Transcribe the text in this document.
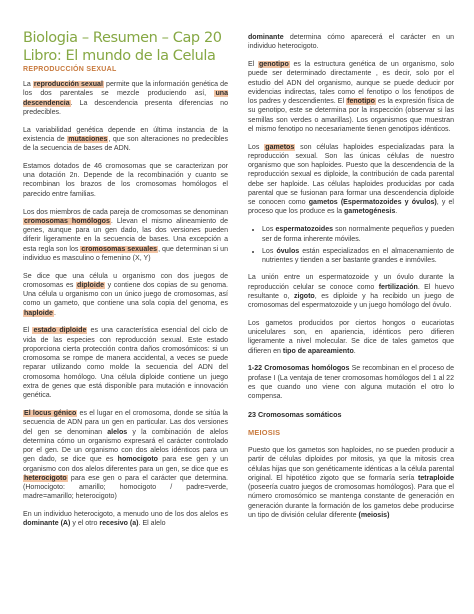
Biologia – Resumen – Cap 20
Libro: El mundo de la Celula
REPRODUCCIÓN SEXUAL

La reproducción sexual permite que la información genética de los dos parentales se mezcle produciendo así, una descendencia. La descendencia presenta diferencias no predecibles.

La variabilidad genética depende en última instancia de la existencia de mutaciones, que son alteraciones no predecibles de la secuencia de bases de ADN.

Estamos dotados de 46 cromosomas que se caracterizan por una dotación 2n. Depende de la recombinación y cuanto se recombinan los brazos de los cromosomas homólogos el parecido entre familias.

Los dos miembros de cada pareja de cromosomas se denominan cromosomas homólogos. Llevan el mismo alineamiento de genes, aunque para un gen dado, las dos versiones pueden diferir ligeramente en la secuencia de bases. Una excepción a esta regla son los cromosomas sexuales, que determinan si un individuo es masculino o femenino (X, Y)

Se dice que una célula u organismo con dos juegos de cromosomas es diploide y contiene dos copias de su genoma. Una célula u organismo con un único juego de cromosomas, así como un gameto, que contiene una sola copia del genoma, es haploide.

El estado diploide es una característica esencial del ciclo de vida de las especies con reproducción sexual. Este estado proporciona cierta protección contra daños cromosómicos: si un cromosoma se rompe de manera accidental, a veces se puede reparar utilizando como molde la secuencia del ADN del cromosoma homólogo. Una célula diploide contiene un juego extra de genes que está disponible para mutación e innovación genética.

El locus génico es el lugar en el cromosoma, donde se sitúa la secuencia de ADN para un gen en particular. Las dos versiones del gen se denominan alelos y la combinación de alelos determina cómo un organismo expresará el carácter controlado por el gen. De un organismo con dos alelos idénticos para un gen dado, se dice que es homocigoto para ese gen y un organismo con dos alelos diferentes para un gen, se dice que es heterocigoto para ese gen o para el carácter que determina. (Homocigoto: amarillo; homocigoto / padre=verde, madre=amarillo; heterocigoto)

En un individuo heterocigoto, a menudo uno de los dos alelos es dominante (A) y el otro recesivo (a). El alelo

dominante determina cómo aparecerá el carácter en un individuo heterocigoto.

El genotipo es la estructura genética de un organismo, solo puede ser determinado directamente , es decir, solo por el estudio del ADN del organismo, aunque se puede deducir por evidencias indirectas, tales como el fenotipo o los fenotipos de los padres y descendientes. El fenotipo es la expresión física de su genotipo, este se determina por la inspección (observar si las semillas son verdes o amarillas). Los organismos que muestran el mismo fenotipo no necesariamente tienen genotipos idénticos.

Los gametos son células haploides especializadas para la reproducción sexual. Son las únicas células de nuestro organismo que son haploides. Puesto que la descendencia de la reproducción sexual es diploide, la contribución de cada parental debe ser haploide. Las células haploides producidas por cada parental que se fusionan para formar una descendencia diploide se conocen como gametos (Espermatozoides y óvulos), y el proceso que los produce es la gametogénesis.

• Los espermatozoides son normalmente pequeños y pueden ser de forma inherente móviles.
• Los óvulos están especializados en el almacenamiento de nutrientes y tienden a ser bastante grandes e inmóviles.

La unión entre un espermatozoide y un óvulo durante la reproducción celular se conoce como fertilización. El huevo resultante o, zigoto, es diploide y ha recibido un juego de cromosomas del espermatozoide y un juego homólogo del óvulo.

Los gametos producidos por ciertos hongos o eucariotas unicelulares son, en apariencia, idénticos pero difieren ligeramente a nivel molecular. Se dice de tales gametos que difieren en tipo de apareamiento.

1-22 Cromosomas homólogos Se recombinan en el proceso de profase I (La ventaja de tener cromosomas homólogos del 1 al 22 es que cuando uno viene con alguna mutación el otro lo compensa.

23 Cromosomas somáticos
MEIOSIS

Puesto que los gametos son haploides, no se pueden producir a partir de células diploides por mitosis, ya que la mitosis crea células hijas que son genéticamente idénticas a la célula parental original. El hipotético zigoto que se formaría sería tetraploide (poseería cuatro juegos de cromosomas homólogos). Para que el número cromosómico se mantenga constante de generación en generación durante la formación de los gametos debe producirse un tipo de división celular diferente (meiosis)
